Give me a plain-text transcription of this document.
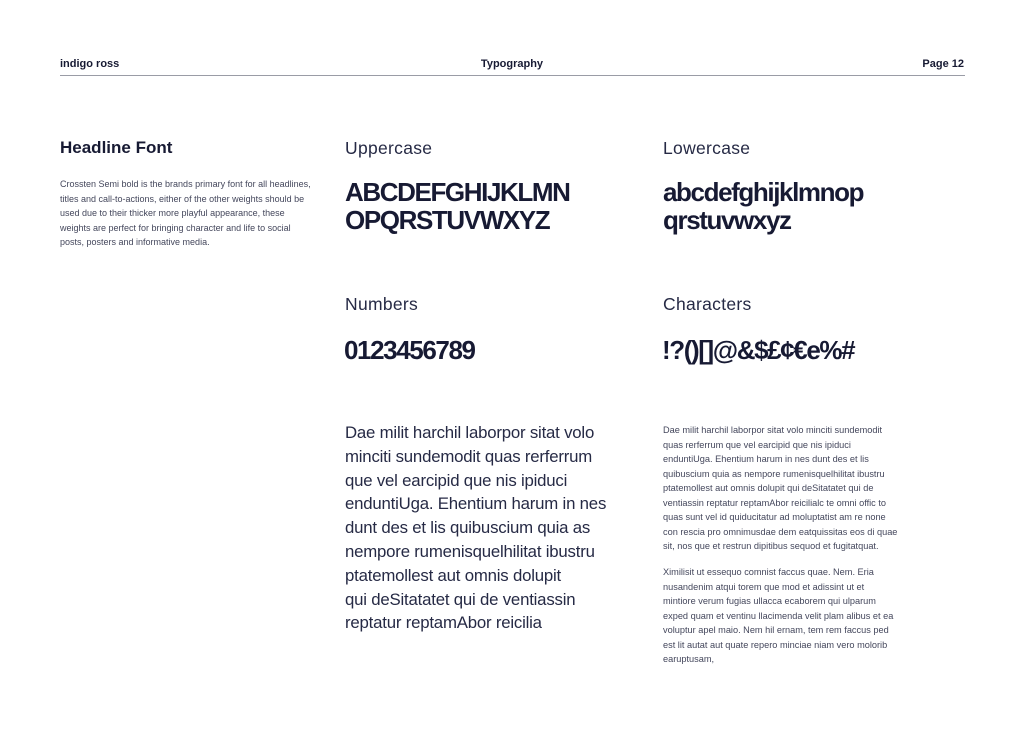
indigo ross	Typography	Page 12
Headline Font
Crossten Semi bold is the brands primary font for all headlines, titles and call-to-actions, either of the other weights should be used due to their thicker more playful appearance, these weights are perfect for bringing character and life to social posts, posters and informative media.
Uppercase
ABCDEFGHIJKLMN
OPQRSTUVWXYZ
Lowercase
abcdefghijklmnop
qrstuvwxyz
Numbers
0123456789
Characters
!?()[]@&$£¢€e%#
Dae milit harchil laborpor sitat volo
minciti sundemodit quas rerferrum
que vel earcipid que nis ipiduci
enduntiUga. Ehentium harum in nes
dunt des et lis quibuscium quia as
nempore rumenisquelhilitat ibustru
ptatemollest aut omnis dolupit
qui deSitatatet qui de ventiassin
reptatur reptamAbor reicilia
Dae milit harchil laborpor sitat volo minciti sundemodit
quas rerferrum que vel earcipid que nis ipiduci
enduntiUga. Ehentium harum in nes dunt des et lis
quibuscium quia as nempore rumenisquelhilitat ibustru
ptatemollest aut omnis dolupit qui deSitatatet qui de
ventiassin reptatur reptamAbor reicilialc te omni offic to
quas sunt vel id quiducitatur ad moluptatist am re none
con rescia pro omnimusdae dem eatquissitas eos di quae
sit, nos que et restrun dipitibus sequod et fugitatquat.
Ximilisit ut essequo comnist faccus quae. Nem. Eria
nusandenim atqui torem que mod et adissint ut et
mintiore verum fugias ullacca ecaborem qui ulparum
exped quam et ventinu llacimenda velit plam alibus et ea
voluptur apel maio. Nem hil ernam, tem rem faccus ped
est lit autat aut quate repero minciae niam vero molorib
earuptusam,
